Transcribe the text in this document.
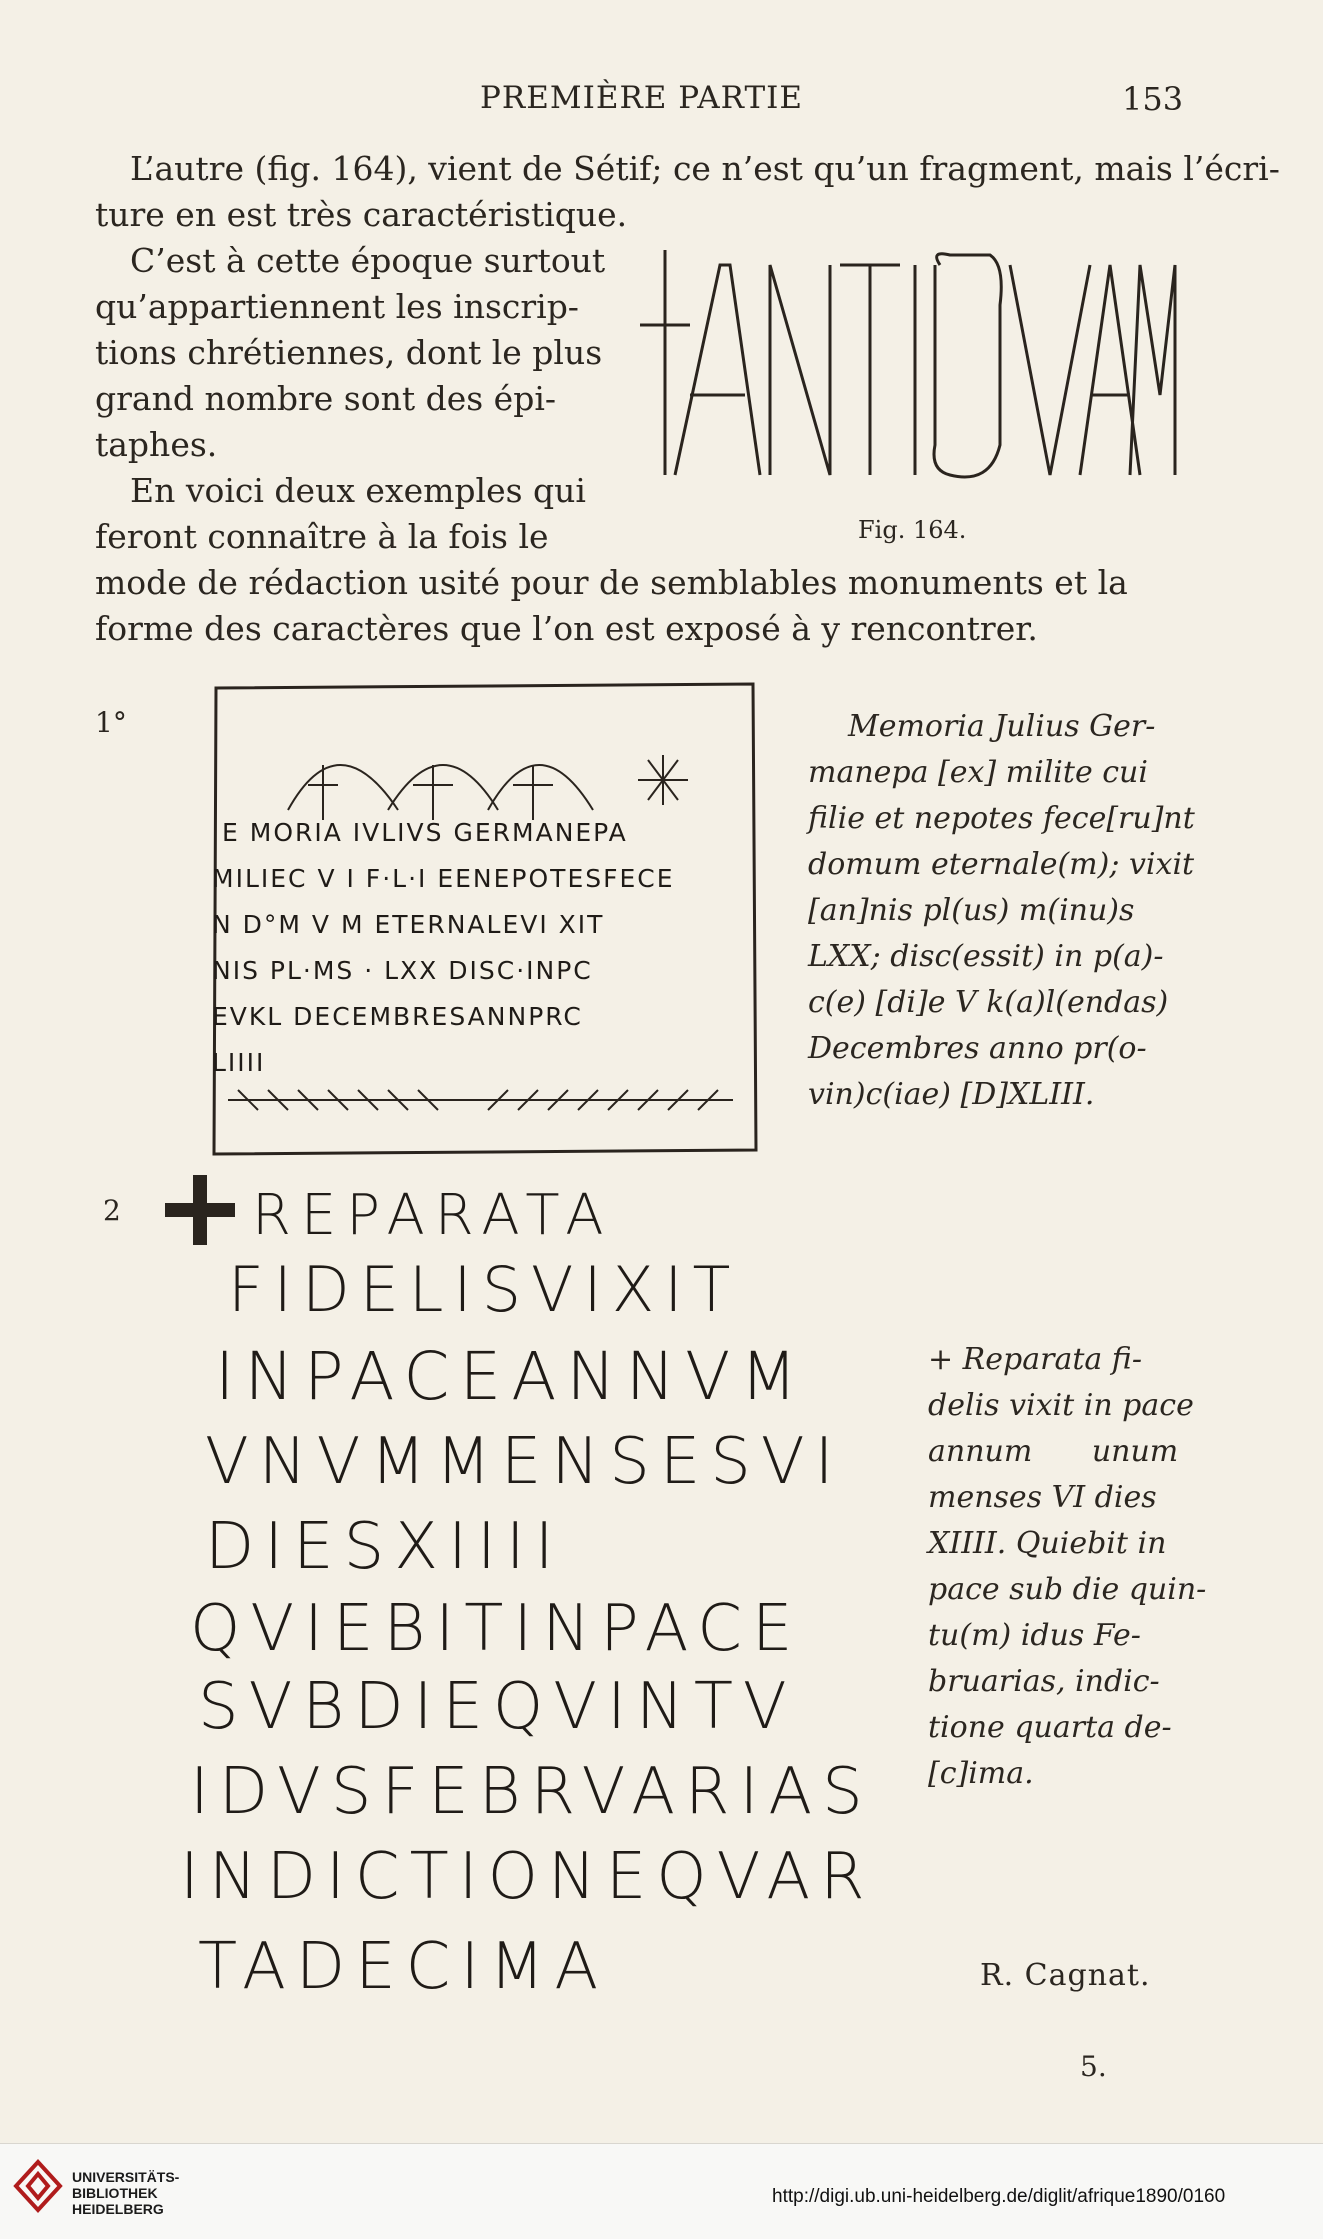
PREMIÈRE PARTIE	153
L’autre (fig. 164), vient de Sétif; ce n’est qu’un fragment, mais l’écri-
ture en est très caractéristique.
C’est à cette époque surtout
qu’appartiennent les inscrip-
tions chrétiennes, dont le plus
grand nombre sont des épi-
taphes.
En voici deux exemples qui
feront connaître à la fois le
mode de rédaction usité pour de semblables monuments et la
forme des caractères que l’on est exposé à y rencontrer.
Fig. 164.
1°
E MORIA IVLIVS GERMANEPA
MILIEC V I F·L·I EENEPOTESFECE
N D°M V M ETERNALEVI XIT
NIS PL·MS · LXX DISC·INPC
EVKL DECEMBRESANNPRC
LIIII
Memoria Julius Ger-
manepa [ex] milite cui
filie et nepotes fece[ru]nt
domum eternale(m); vixit
[an]nis pl(us) m(inu)s
LXX; disc(essit) in p(a)-
c(e) [di]e V k(a)l(endas)
Decembres anno pr(o-
vin)c(iae) [D]XLIII.
2 REPARATA
FIDELISVIXIT
INPACEANNVM
VNVMMENSESVI
DIESXIIII
QVIEBITINPACE
SVBDIEQVINTV
IDVSFEBRVARIAS
INDICTIONEQVAR
TADECIMA
+ Reparata fi-
delis vixit in pace
annum unum
menses VI dies
XIIII. Quiebit in
pace sub die quin-
tu(m) idus Fe-
bruarias, indic-
tione quarta de-
[c]ima.
R. Cagnat.
5.
UNIVERSITÄTS-
BIBLIOTHEK
HEIDELBERG
http://digi.ub.uni-heidelberg.de/diglit/afrique1890/0160
